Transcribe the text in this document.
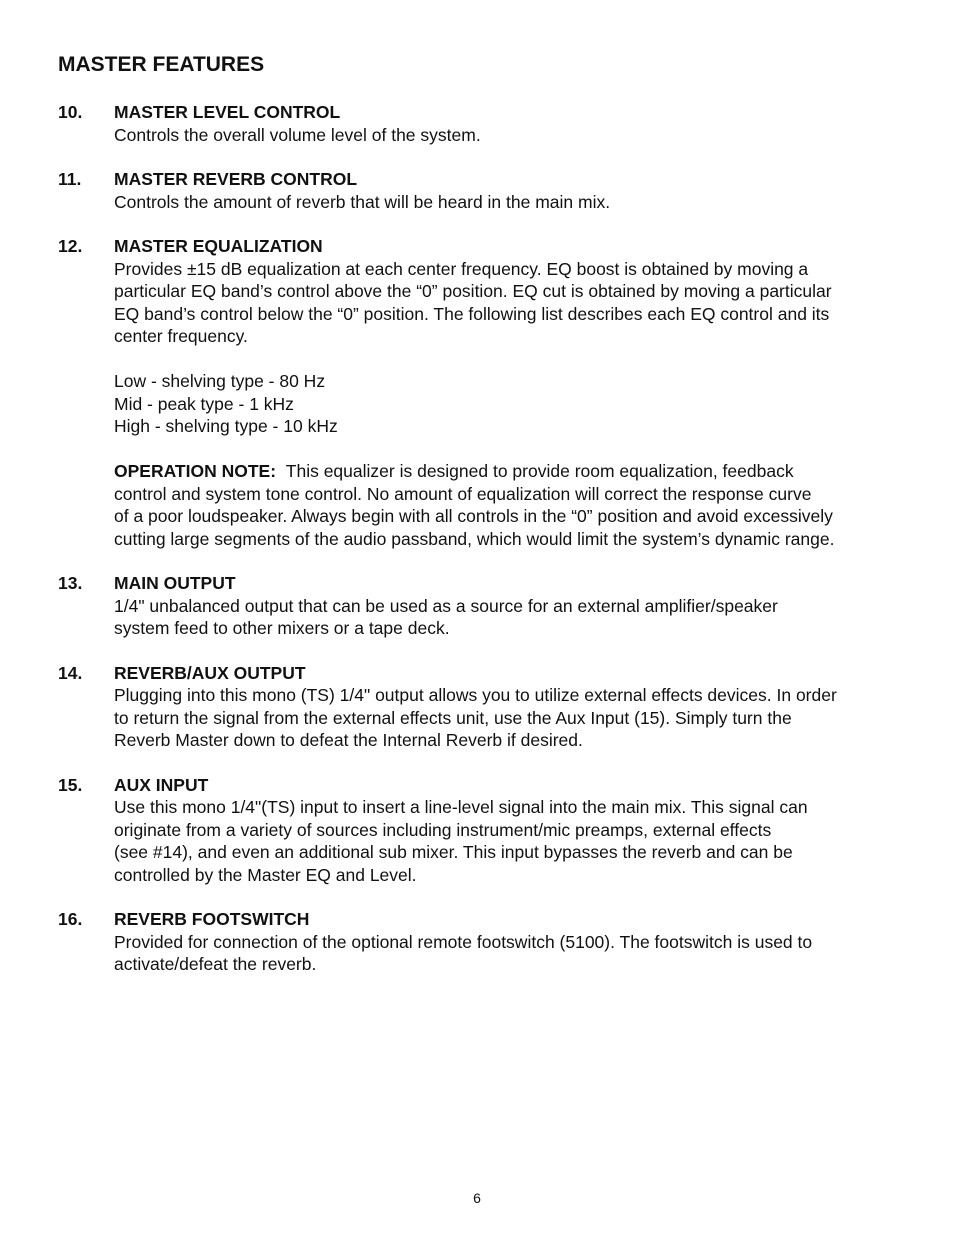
MASTER FEATURES
10.	MASTER LEVEL CONTROL

Controls the overall volume level of the system.

11.	MASTER REVERB CONTROL

Controls the amount of reverb that will be heard in the main mix.

12.	MASTER EQUALIZATION

Provides ±15 dB equalization at each center frequency. EQ boost is obtained by moving a

particular EQ band’s control above the “0” position. EQ cut is obtained by moving a particular

EQ band’s control below the “0” position. The following list describes each EQ control and its

center frequency.

Low - shelving type - 80 Hz

Mid - peak type - 1 kHz

High - shelving type - 10 kHz

OPERATION NOTE: This equalizer is designed to provide room equalization, feedback

control and system tone control. No amount of equalization will correct the response curve

of a poor loudspeaker. Always begin with all controls in the “0” position and avoid excessively

cutting large segments of the audio passband, which would limit the system’s dynamic range.

13.	MAIN OUTPUT

1/4" unbalanced output that can be used as a source for an external amplifier/speaker

system feed to other mixers or a tape deck.

14.	REVERB/AUX OUTPUT

Plugging into this mono (TS) 1/4" output allows you to utilize external effects devices. In order

to return the signal from the external effects unit, use the Aux Input (15). Simply turn the

Reverb Master down to defeat the Internal Reverb if desired.

15.	AUX INPUT

Use this mono 1/4"(TS) input to insert a line-level signal into the main mix. This signal can

originate from a variety of sources including instrument/mic preamps, external effects

(see #14), and even an additional sub mixer. This input bypasses the reverb and can be

controlled by the Master EQ and Level.

16.	REVERB FOOTSWITCH

Provided for connection of the optional remote footswitch (5100). The footswitch is used to

activate/defeat the reverb.

6
